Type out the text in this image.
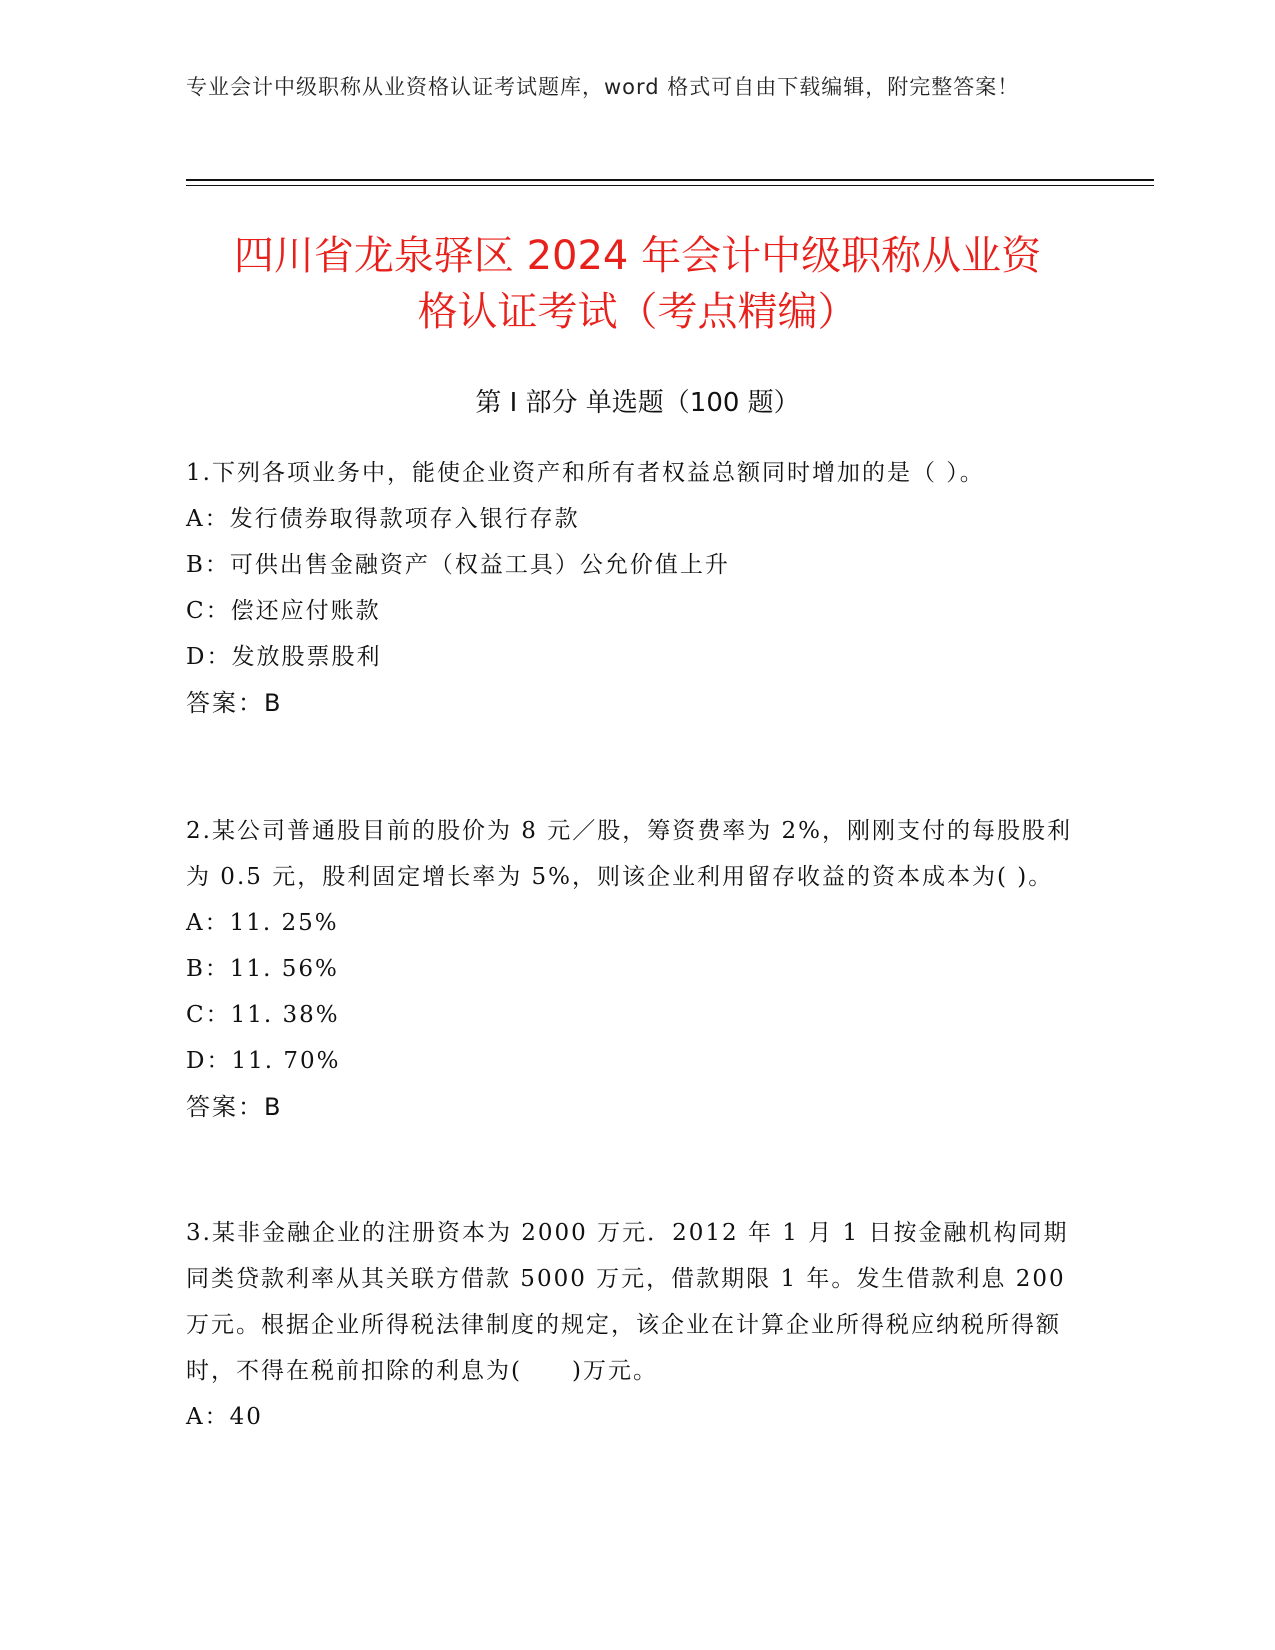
专业会计中级职称从业资格认证考试题库，word 格式可自由下载编辑，附完整答案！
四川省龙泉驿区 2024 年会计中级职称从业资
格认证考试（考点精编）
第 I 部分 单选题（100 题）
1.下列各项业务中，能使企业资产和所有者权益总额同时增加的是（ ）。
A：发行债券取得款项存入银行存款
B：可供出售金融资产（权益工具）公允价值上升
C：偿还应付账款
D：发放股票股利
答案：B
2.某公司普通股目前的股价为 8 元／股，筹资费率为 2%，刚刚支付的每股股利为 0.5 元，股利固定增长率为 5%，则该企业利用留存收益的资本成本为( )。
A：11. 25%
B：11. 56%
C：11. 38%
D：11. 70%
答案：B
3.某非金融企业的注册资本为 2000 万元．2012 年 1 月 1 日按金融机构同期同类贷款利率从其关联方借款 5000 万元，借款期限 1 年。发生借款利息 200 万元。根据企业所得税法律制度的规定，该企业在计算企业所得税应纳税所得额时，不得在税前扣除的利息为(　　)万元。
A：40
